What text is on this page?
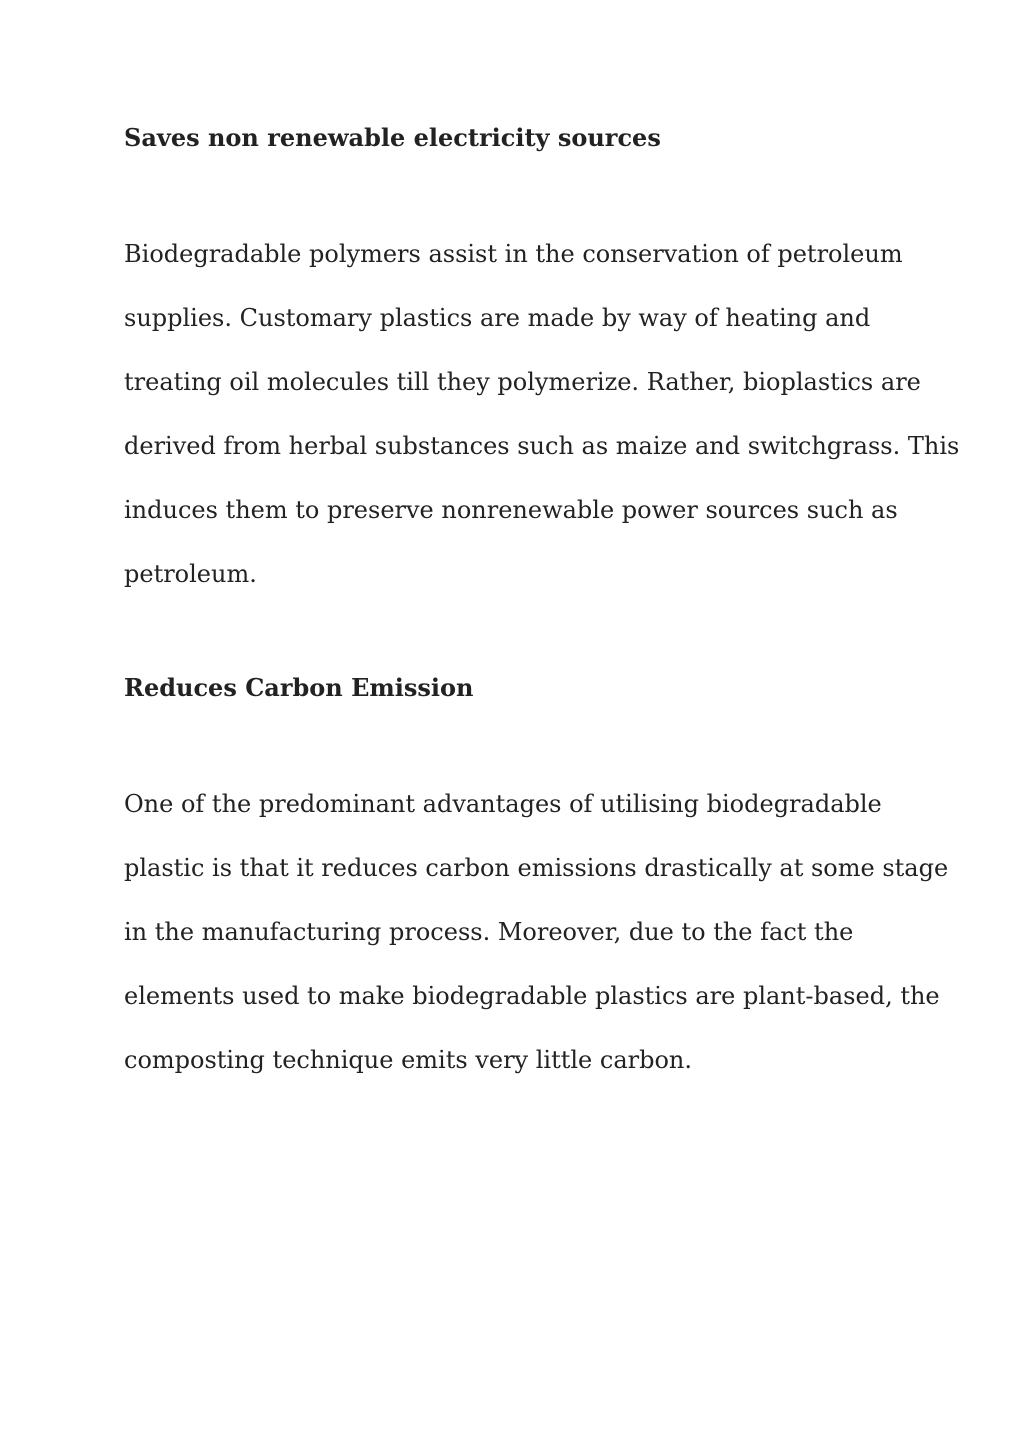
Saves non renewable electricity sources

Biodegradable polymers assist in the conservation of petroleum
supplies. Customary plastics are made by way of heating and
treating oil molecules till they polymerize. Rather, bioplastics are
derived from herbal substances such as maize and switchgrass. This
induces them to preserve nonrenewable power sources such as
petroleum.

Reduces Carbon Emission

One of the predominant advantages of utilising biodegradable
plastic is that it reduces carbon emissions drastically at some stage
in the manufacturing process. Moreover, due to the fact the
elements used to make biodegradable plastics are plant-based, the
composting technique emits very little carbon.
